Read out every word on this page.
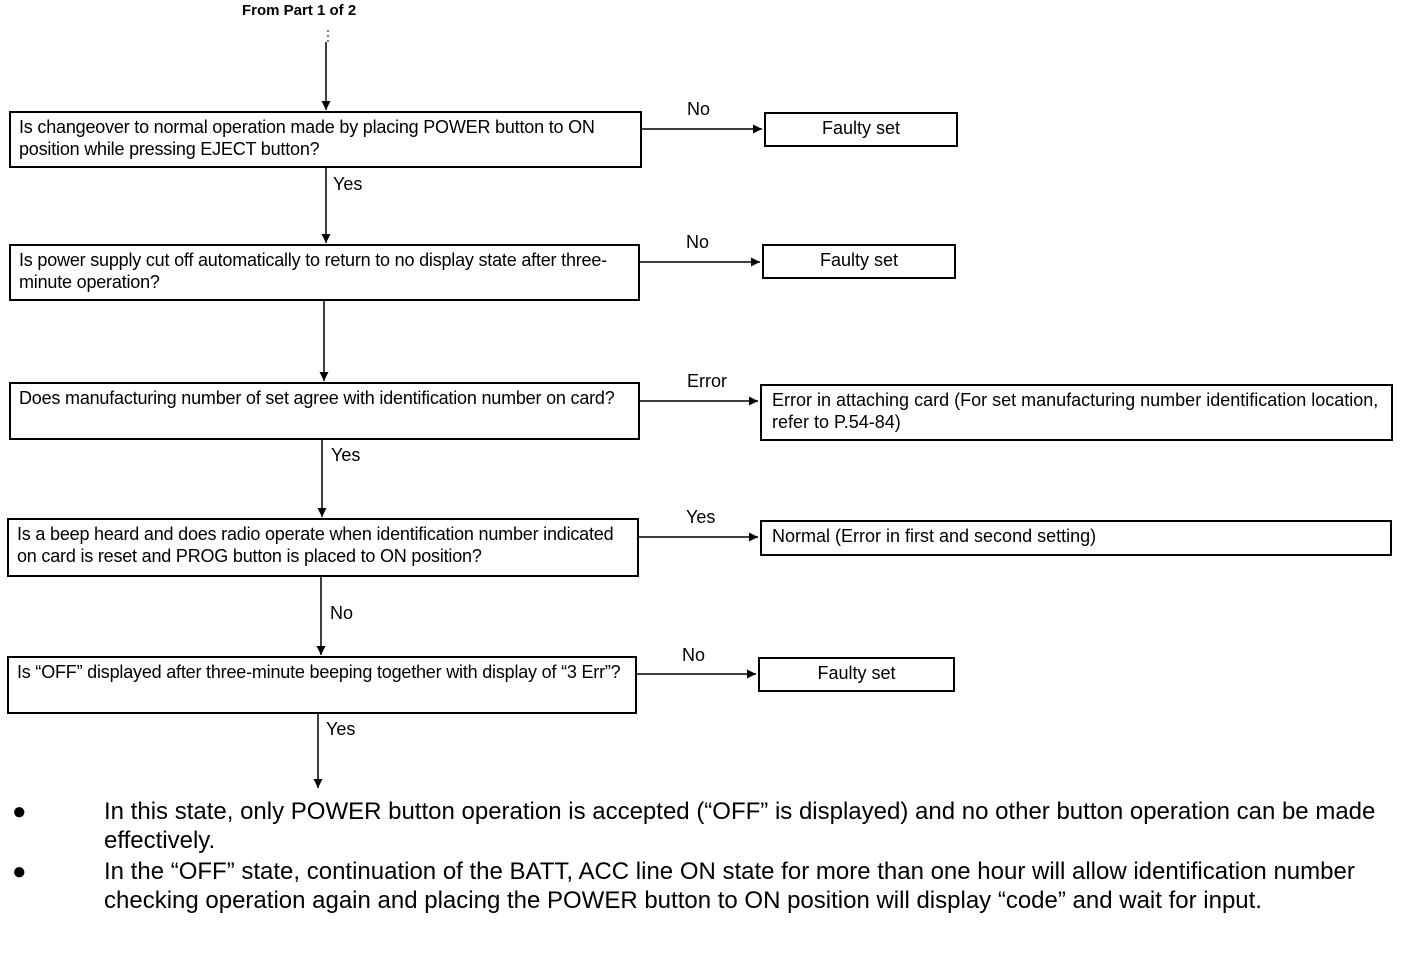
From Part 1 of 2
Is changeover to normal operation made by placing POWER button to ON position while pressing EJECT button?
No
Faulty set
Yes
Is power supply cut off automatically to return to no display state after three-minute operation?
No
Faulty set
Does manufacturing number of set agree with identification number on card?
Error
Error in attaching card (For set manufacturing number identification location, refer to P.54-84)
Yes
Is a beep heard and does radio operate when identification number indicated on card is reset and PROG button is placed to ON position?
Yes
Normal (Error in first and second setting)
No
Is “OFF” displayed after three-minute beeping together with display of “3 Err”?
No
Faulty set
Yes
●	In this state, only POWER button operation is accepted (“OFF” is displayed) and no other button operation can be made effectively.
●	In the “OFF” state, continuation of the BATT, ACC line ON state for more than one hour will allow identification number checking operation again and placing the POWER button to ON position will display “code” and wait for input.
